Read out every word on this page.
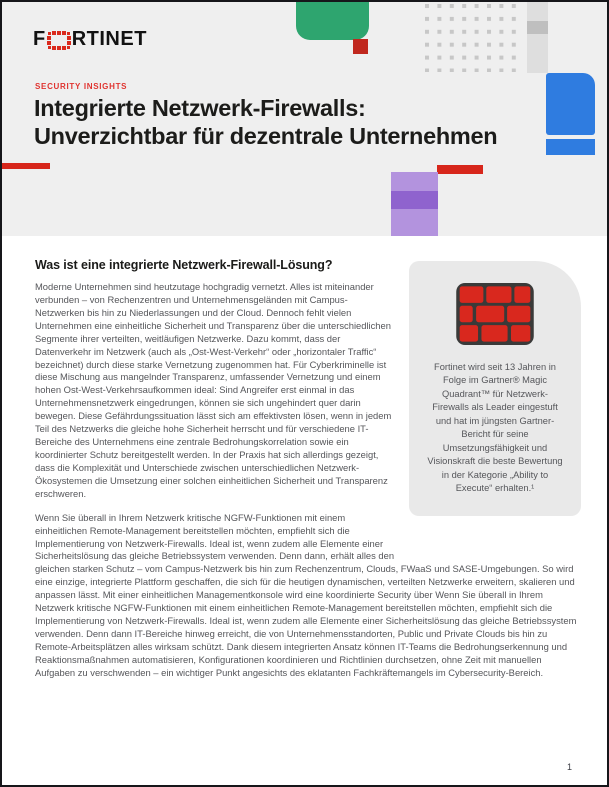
F RTINET
SECURITY INSIGHTS
Integrierte Netzwerk-Firewalls:
Unverzichtbar für dezentrale Unternehmen

Fortinet wird seit 13 Jahren in Folge im Gartner® Magic Quadrant™ für Netzwerk-Firewalls als Leader eingestuft und hat im jüngsten Gartner-Bericht für seine Umsetzungsfähigkeit und Visionskraft die beste Bewertung in der Kategorie „Ability to Execute“ erhalten.¹

Was ist eine integrierte Netzwerk-Firewall-Lösung?

Moderne Unternehmen sind heutzutage hochgradig vernetzt. Alles ist miteinander verbunden – von Rechenzentren und Unternehmensgeländen mit Campus-Netzwerken bis hin zu Niederlassungen und der Cloud. Dennoch fehlt vielen Unternehmen eine einheitliche Sicherheit und Transparenz über die unterschiedlichen Segmente ihrer verteilten, weitläufigen Netzwerke. Dazu kommt, dass der Datenverkehr im Netzwerk (auch als „Ost-West-Verkehr“ oder „horizontaler Traffic“ bezeichnet) durch diese starke Vernetzung zugenommen hat. Für Cyberkriminelle ist diese Mischung aus mangelnder Transparenz, umfassender Vernetzung und einem hohen Ost-West-Verkehrsaufkommen ideal: Sind Angreifer erst einmal in das Unternehmensnetzwerk eingedrungen, können sie sich ungehindert quer darin bewegen. Diese Gefährdungssituation lässt sich am effektivsten lösen, wenn in jedem Teil des Netzwerks die gleiche hohe Sicherheit herrscht und für verschiedene IT-Bereiche des Unternehmens eine zentrale Bedrohungskorrelation sowie ein koordinierter Schutz bereitgestellt werden. In der Praxis hat sich allerdings gezeigt, dass die Komplexität und Unterschiede zwischen unterschiedlichen Netzwerk-Ökosystemen die Umsetzung einer solchen einheitlichen Sicherheit und Transparenz erschweren.

Wenn Sie überall in Ihrem Netzwerk kritische NGFW-Funktionen mit einem einheitlichen Remote-Management bereitstellen möchten, empfiehlt sich die Implementierung von Netzwerk-Firewalls. Ideal ist, wenn zudem alle Elemente einer Sicherheitslösung das gleiche Betriebssystem verwenden. Denn dann, erhält alles den gleichen starken Schutz – vom Campus-Netzwerk bis hin zum Rechenzentrum, Clouds, FWaaS und SASE-Umgebungen. So wird eine einzige, integrierte Plattform geschaffen, die sich für die heutigen dynamischen, verteilten Netzwerke erweitern, skalieren und anpassen lässt. Mit einer einheitlichen Managementkonsole wird eine koordinierte Security über Wenn Sie überall in Ihrem Netzwerk kritische NGFW-Funktionen mit einem einheitlichen Remote-Management bereitstellen möchten, empfiehlt sich die Implementierung von Netzwerk-Firewalls. Ideal ist, wenn zudem alle Elemente einer Sicherheitslösung das gleiche Betriebssystem verwenden. Denn dann IT-Bereiche hinweg erreicht, die von Unternehmensstandorten, Public und Private Clouds bis hin zu Remote-Arbeitsplätzen alles wirksam schützt. Dank diesem integrierten Ansatz können IT-Teams die Bedrohungserkennung und Reaktionsmaßnahmen automatisieren, Konfigurationen koordinieren und Richtlinien durchsetzen, ohne Zeit mit manuellen Aufgaben zu verschwenden – ein wichtiger Punkt angesichts des eklatanten Fachkräftemangels im Cybersecurity-Bereich.

1
